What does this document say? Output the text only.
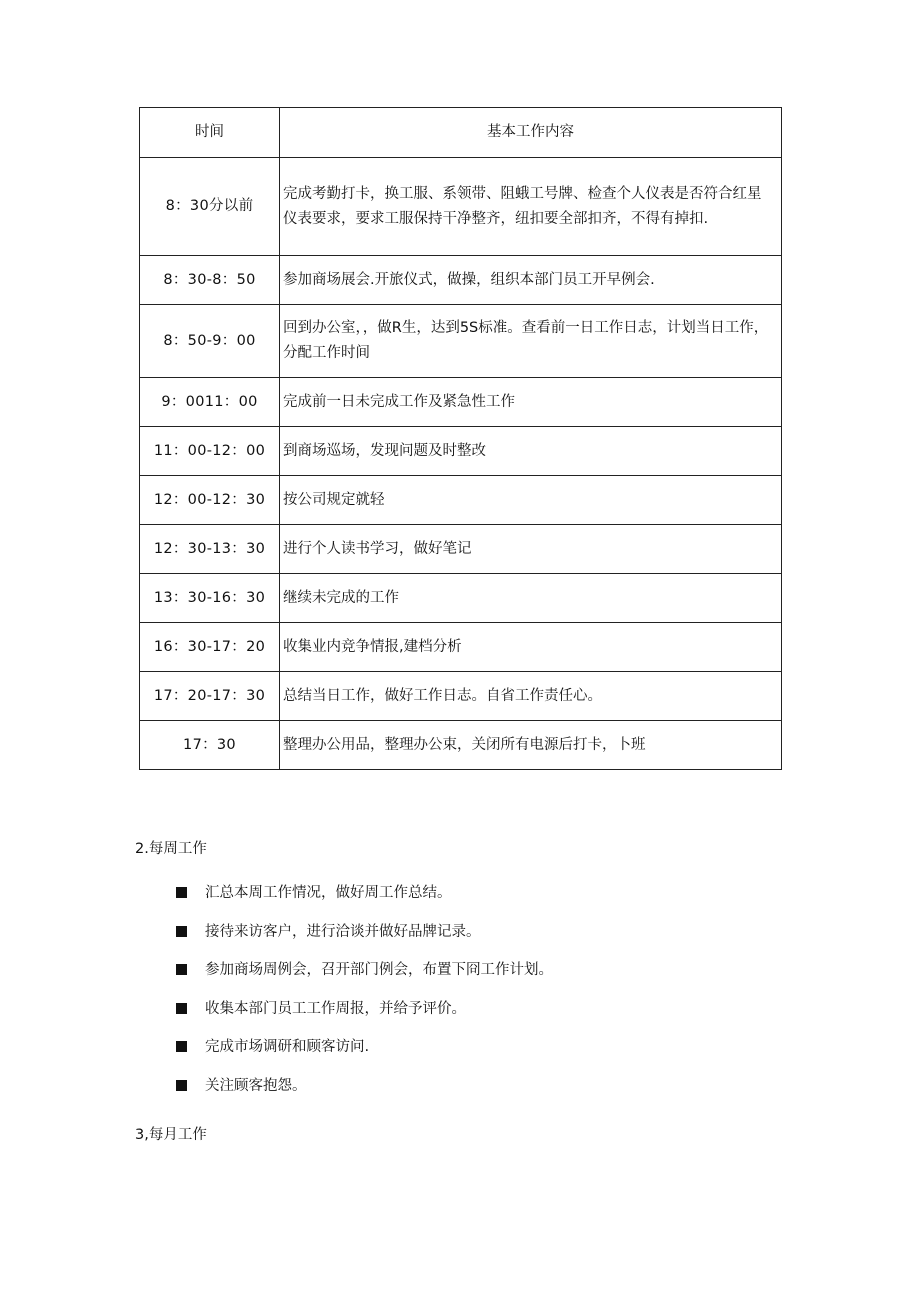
时间	基本工作内容
8：30分以前	完成考勤打卡，换工服、系领带、阻蛾工号牌、检查个人仪表是否符合红星仪表要求，要求工服保持干净整齐，纽扣要全部扣齐，不得有掉扣.
8：30-8：50	参加商场展会.开旅仪式，做操，组织本部门员工开早例会.
8：50-9：00	回到办公室，，做R生，达到5S标准。查看前一日工作日志，计划当日工作，分配工作时间
9：0011：00	完成前一日未完成工作及紧急性工作
11：00-12：00	到商场巡场，发现问题及时整改
12：00-12：30	按公司规定就轻
12：30-13：30	进行个人读书学习，做好笔记
13：30-16：30	继续未完成的工作
16：30-17：20	收集业内竞争情报,建档分析
17：20-17：30	总结当日工作，做好工作日志。自省工作责任心。
17：30	整理办公用品，整理办公束，关闭所有电源后打卡，卜班
2.每周工作
汇总本周工作情况，做好周工作总结。
接待来访客户，进行洽谈并做好品牌记录。
参加商场周例会，召开部门例会，布置下冏工作计划。
收集本部门员工工作周报，并给予评价。
完成市场调研和顾客访问.
关注顾客抱怨。
3,每月工作
